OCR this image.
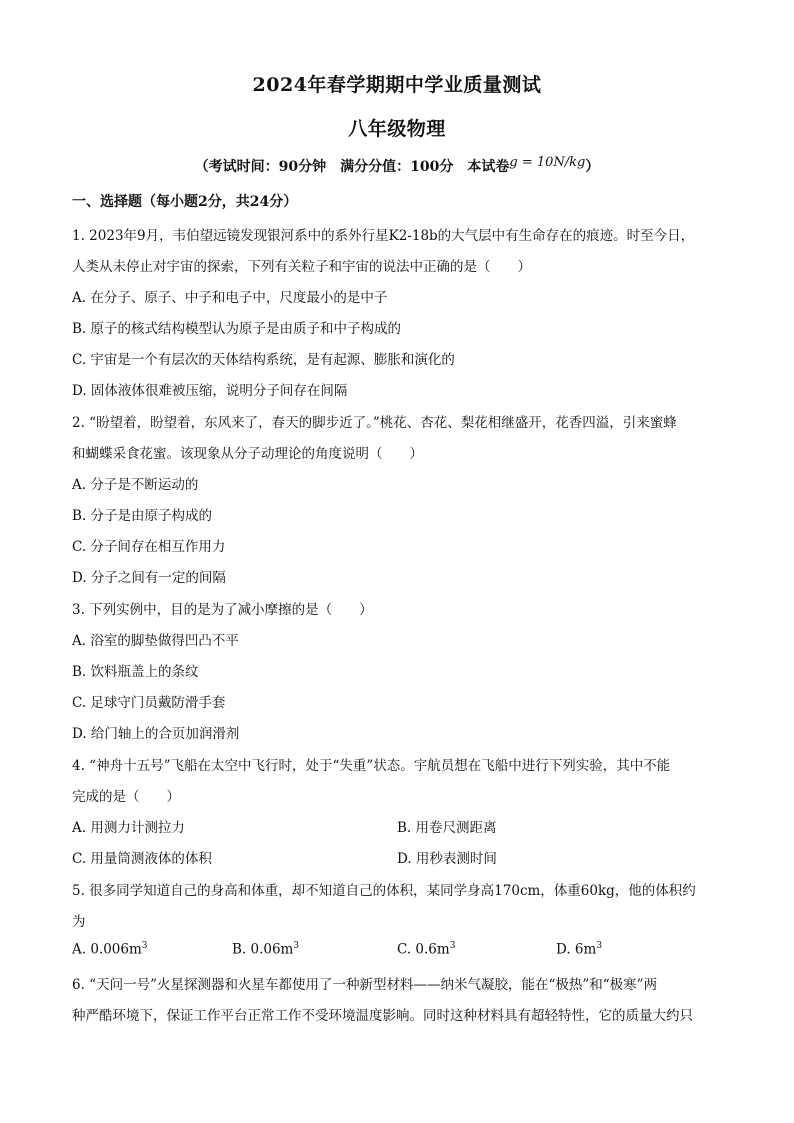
2024年春学期期中学业质量测试
八年级物理
（考试时间：90分钟　满分分值：100分　本试卷g = 10N/kg）
一、选择题（每小题2分，共24分）
1. 2023年9月，韦伯望远镜发现银河系中的系外行星K2-18b的大气层中有生命存在的痕迹。时至今日，
人类从未停止对宇宙的探索，下列有关粒子和宇宙的说法中正确的是（　　）
A. 在分子、原子、中子和电子中，尺度最小的是中子
B. 原子的核式结构模型认为原子是由质子和中子构成的
C. 宇宙是一个有层次的天体结构系统，是有起源、膨胀和演化的
D. 固体液体很难被压缩，说明分子间存在间隔
2. “盼望着，盼望着，东风来了，春天的脚步近了。”桃花、杏花、梨花相继盛开，花香四溢，引来蜜蜂
和蝴蝶采食花蜜。该现象从分子动理论的角度说明（　　）
A. 分子是不断运动的
B. 分子是由原子构成的
C. 分子间存在相互作用力
D. 分子之间有一定的间隔
3. 下列实例中，目的是为了减小摩擦的是（　　）
A. 浴室的脚垫做得凹凸不平
B. 饮料瓶盖上的条纹
C. 足球守门员戴防滑手套
D. 给门轴上的合页加润滑剂
4. “神舟十五号”飞船在太空中飞行时，处于“失重”状态。宇航员想在飞船中进行下列实验，其中不能
完成的是（　　）
A. 用测力计测拉力	B. 用卷尺测距离
C. 用量筒测液体的体积	D. 用秒表测时间
5. 很多同学知道自己的身高和体重，却不知道自己的体积，某同学身高170cm，体重60kg，他的体积约
为
A. $0.006m^3$	B. $0.06m^3$	C. $0.6m^3$	D. $6m^3$
6. “天问一号”火星探测器和火星车都使用了一种新型材料——纳米气凝胶，能在“极热”和“极寒”两
种严酷环境下，保证工作平台正常工作不受环境温度影响。同时这种材料具有超轻特性，它的质量大约只
